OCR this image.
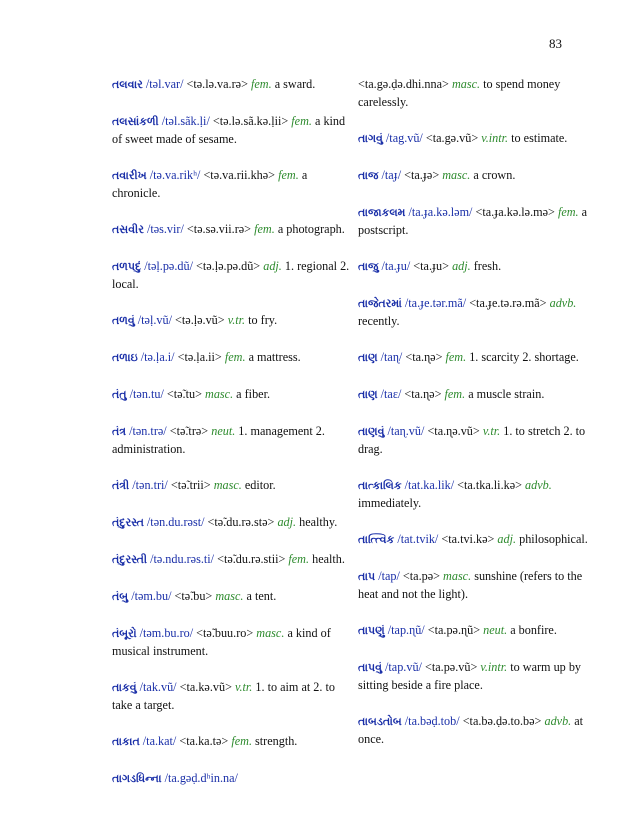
83
તલવાર /təl.var/ <tə.lə.va.rə> fem. a sward.
તલસાંકળી /təl.sãk.ḷi/ <tə.lə.sã.kə.ḷii> fem. a kind of sweet made of sesame.
તવારીખ /tə.va.rikʰ/ <tə.va.rii.khə> fem. a chronicle.
તસવીર /təs.vir/ <tə.sə.vii.rə> fem. a photograph.
તળપદું /təḷ.pə.dũ/ <tə.ḷə.pə.dũ> adj. 1. regional 2. local.
તળવું /təḷ.vũ/ <tə.ḷə.vũ> v.tr. to fry.
તળાઇ /tə.ḷa.i/ <tə.ḷa.ii> fem. a mattress.
તંતુ /tən.tu/ <tə̃.tu> masc. a fiber.
તંત્ર /tən.trə/ <tə̃.trə> neut. 1. management 2. administration.
તંત્રી /tən.tri/ <tə̃.trii> masc. editor.
તંદુરસ્ત /tən.du.rəst/ <tə̃.du.rə.stə> adj. healthy.
તંદુરસ્તી /tə.ndu.rəs.ti/ <tə̃.du.rə.stii> fem. health.
તંબુ /təm.bu/ <tə̃.bu> masc. a tent.
તંબૂરો /təm.bu.ro/ <tə̃.buu.ro> masc. a kind of musical instrument.
તાકવું /tak.vũ/ <ta.kə.vũ> v.tr. 1. to aim at 2. to take a target.
તાકાત /ta.kat/ <ta.ka.tə> fem. strength.
તાગડધિન્ના /ta.gəḍ.dʰin.na/
<ta.gə.ḍə.dhi.nna> masc. to spend money carelessly.
તાગવું /tag.vũ/ <ta.gə.vũ> v.intr. to estimate.
તાજ /taɟ/ <ta.ɟə> masc. a crown.
તાજાકલમ /ta.ɟa.kə.ləm/ <ta.ɟa.kə.lə.mə> fem. a postscript.
તાજુ /ta.ɟu/ <ta.ɟu> adj. fresh.
તાજેતરમાં /ta.ɟe.tər.mã/ <ta.ɟe.tə.rə.mã> advb. recently.
તાણ /taɳ/ <ta.ɳə> fem. 1. scarcity 2. shortage.
તાણ /taɛ/ <ta.ɳə> fem. a muscle strain.
તાણવું /taɳ.vũ/ <ta.ɳə.vũ> v.tr. 1. to stretch 2. to drag.
તાત્કાલિક /tat.ka.lik/ <ta.tka.li.kə> advb. immediately.
તાત્ત્વિક /tat.tvik/ <ta.tvi.kə> adj. philosophical.
તાપ /tap/ <ta.pə> masc. sunshine (refers to the heat and not the light).
તાપણું /tap.ɳũ/ <ta.pə.ɳũ> neut. a bonfire.
તાપવું /tap.vũ/ <ta.pə.vũ> v.intr. to warm up by sitting beside a fire place.
તાબડતોબ /ta.bəḍ.tob/ <ta.bə.ḍə.to.bə> advb. at once.
